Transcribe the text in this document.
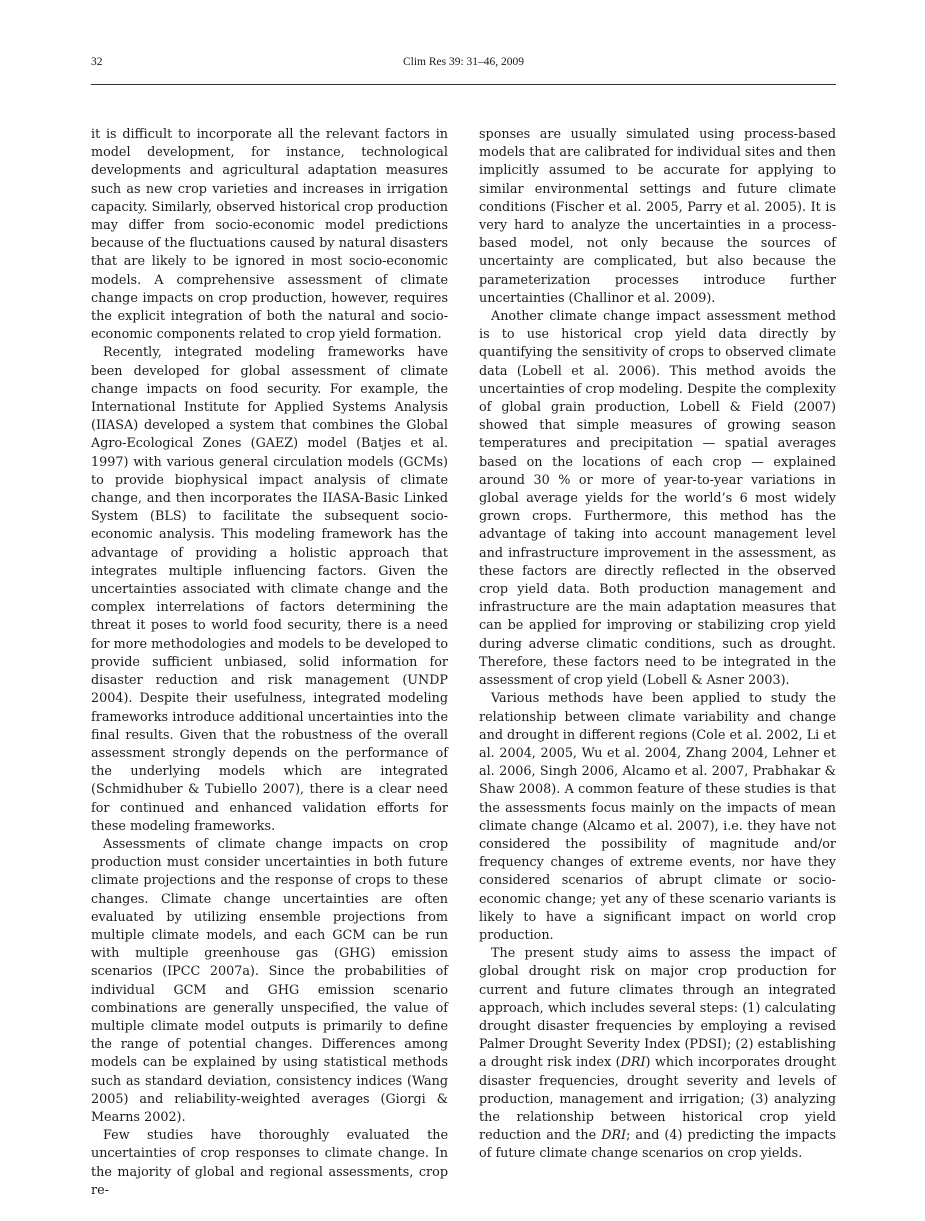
32	Clim Res 39: 31–46, 2009

it is difficult to incorporate all the relevant factors in model development, for instance, technological developments and agricultural adaptation measures such as new crop varieties and increases in irrigation capacity. Similarly, observed historical crop production may differ from socio-economic model predictions because of the fluctuations caused by natural disasters that are likely to be ignored in most socio-economic models. A comprehensive assessment of climate change impacts on crop production, however, requires the explicit integration of both the natural and socio-economic components related to crop yield formation.

Recently, integrated modeling frameworks have been developed for global assessment of climate change impacts on food security. For example, the International Institute for Applied Systems Analysis (IIASA) developed a system that combines the Global Agro-Ecological Zones (GAEZ) model (Batjes et al. 1997) with various general circulation models (GCMs) to provide biophysical impact analysis of climate change, and then incorporates the IIASA-Basic Linked System (BLS) to facilitate the subsequent socio-economic analysis. This modeling framework has the advantage of providing a holistic approach that integrates multiple influencing factors. Given the uncertainties associated with climate change and the complex interrelations of factors determining the threat it poses to world food security, there is a need for more methodologies and models to be developed to provide sufficient unbiased, solid information for disaster reduction and risk management (UNDP 2004). Despite their usefulness, integrated modeling frameworks introduce additional uncertainties into the final results. Given that the robustness of the overall assessment strongly depends on the performance of the underlying models which are integrated (Schmidhuber & Tubiello 2007), there is a clear need for continued and enhanced validation efforts for these modeling frameworks.

Assessments of climate change impacts on crop production must consider uncertainties in both future climate projections and the response of crops to these changes. Climate change uncertainties are often evaluated by utilizing ensemble projections from multiple climate models, and each GCM can be run with multiple greenhouse gas (GHG) emission scenarios (IPCC 2007a). Since the probabilities of individual GCM and GHG emission scenario combinations are generally unspecified, the value of multiple climate model outputs is primarily to define the range of potential changes. Differences among models can be explained by using statistical methods such as standard deviation, consistency indices (Wang 2005) and reliability-weighted averages (Giorgi & Mearns 2002).

Few studies have thoroughly evaluated the uncertainties of crop responses to climate change. In the majority of global and regional assessments, crop re-

sponses are usually simulated using process-based models that are calibrated for individual sites and then implicitly assumed to be accurate for applying to similar environmental settings and future climate conditions (Fischer et al. 2005, Parry et al. 2005). It is very hard to analyze the uncertainties in a process-based model, not only because the sources of uncertainty are complicated, but also because the parameterization processes introduce further uncertainties (Challinor et al. 2009).

Another climate change impact assessment method is to use historical crop yield data directly by quantifying the sensitivity of crops to observed climate data (Lobell et al. 2006). This method avoids the uncertainties of crop modeling. Despite the complexity of global grain production, Lobell & Field (2007) showed that simple measures of growing season temperatures and precipitation — spatial averages based on the locations of each crop — explained around 30 % or more of year-to-year variations in global average yields for the world’s 6 most widely grown crops. Furthermore, this method has the advantage of taking into account management level and infrastructure improvement in the assessment, as these factors are directly reflected in the observed crop yield data. Both production management and infrastructure are the main adaptation measures that can be applied for improving or stabilizing crop yield during adverse climatic conditions, such as drought. Therefore, these factors need to be integrated in the assessment of crop yield (Lobell & Asner 2003).

Various methods have been applied to study the relationship between climate variability and change and drought in different regions (Cole et al. 2002, Li et al. 2004, 2005, Wu et al. 2004, Zhang 2004, Lehner et al. 2006, Singh 2006, Alcamo et al. 2007, Prabhakar & Shaw 2008). A common feature of these studies is that the assessments focus mainly on the impacts of mean climate change (Alcamo et al. 2007), i.e. they have not considered the possibility of magnitude and/or frequency changes of extreme events, nor have they considered scenarios of abrupt climate or socio-economic change; yet any of these scenario variants is likely to have a significant impact on world crop production.

The present study aims to assess the impact of global drought risk on major crop production for current and future climates through an integrated approach, which includes several steps: (1) calculating drought disaster frequencies by employing a revised Palmer Drought Severity Index (PDSI); (2) establishing a drought risk index (DRI) which incorporates drought disaster frequencies, drought severity and levels of production, management and irrigation; (3) analyzing the relationship between historical crop yield reduction and the DRI; and (4) predicting the impacts of future climate change scenarios on crop yields.
